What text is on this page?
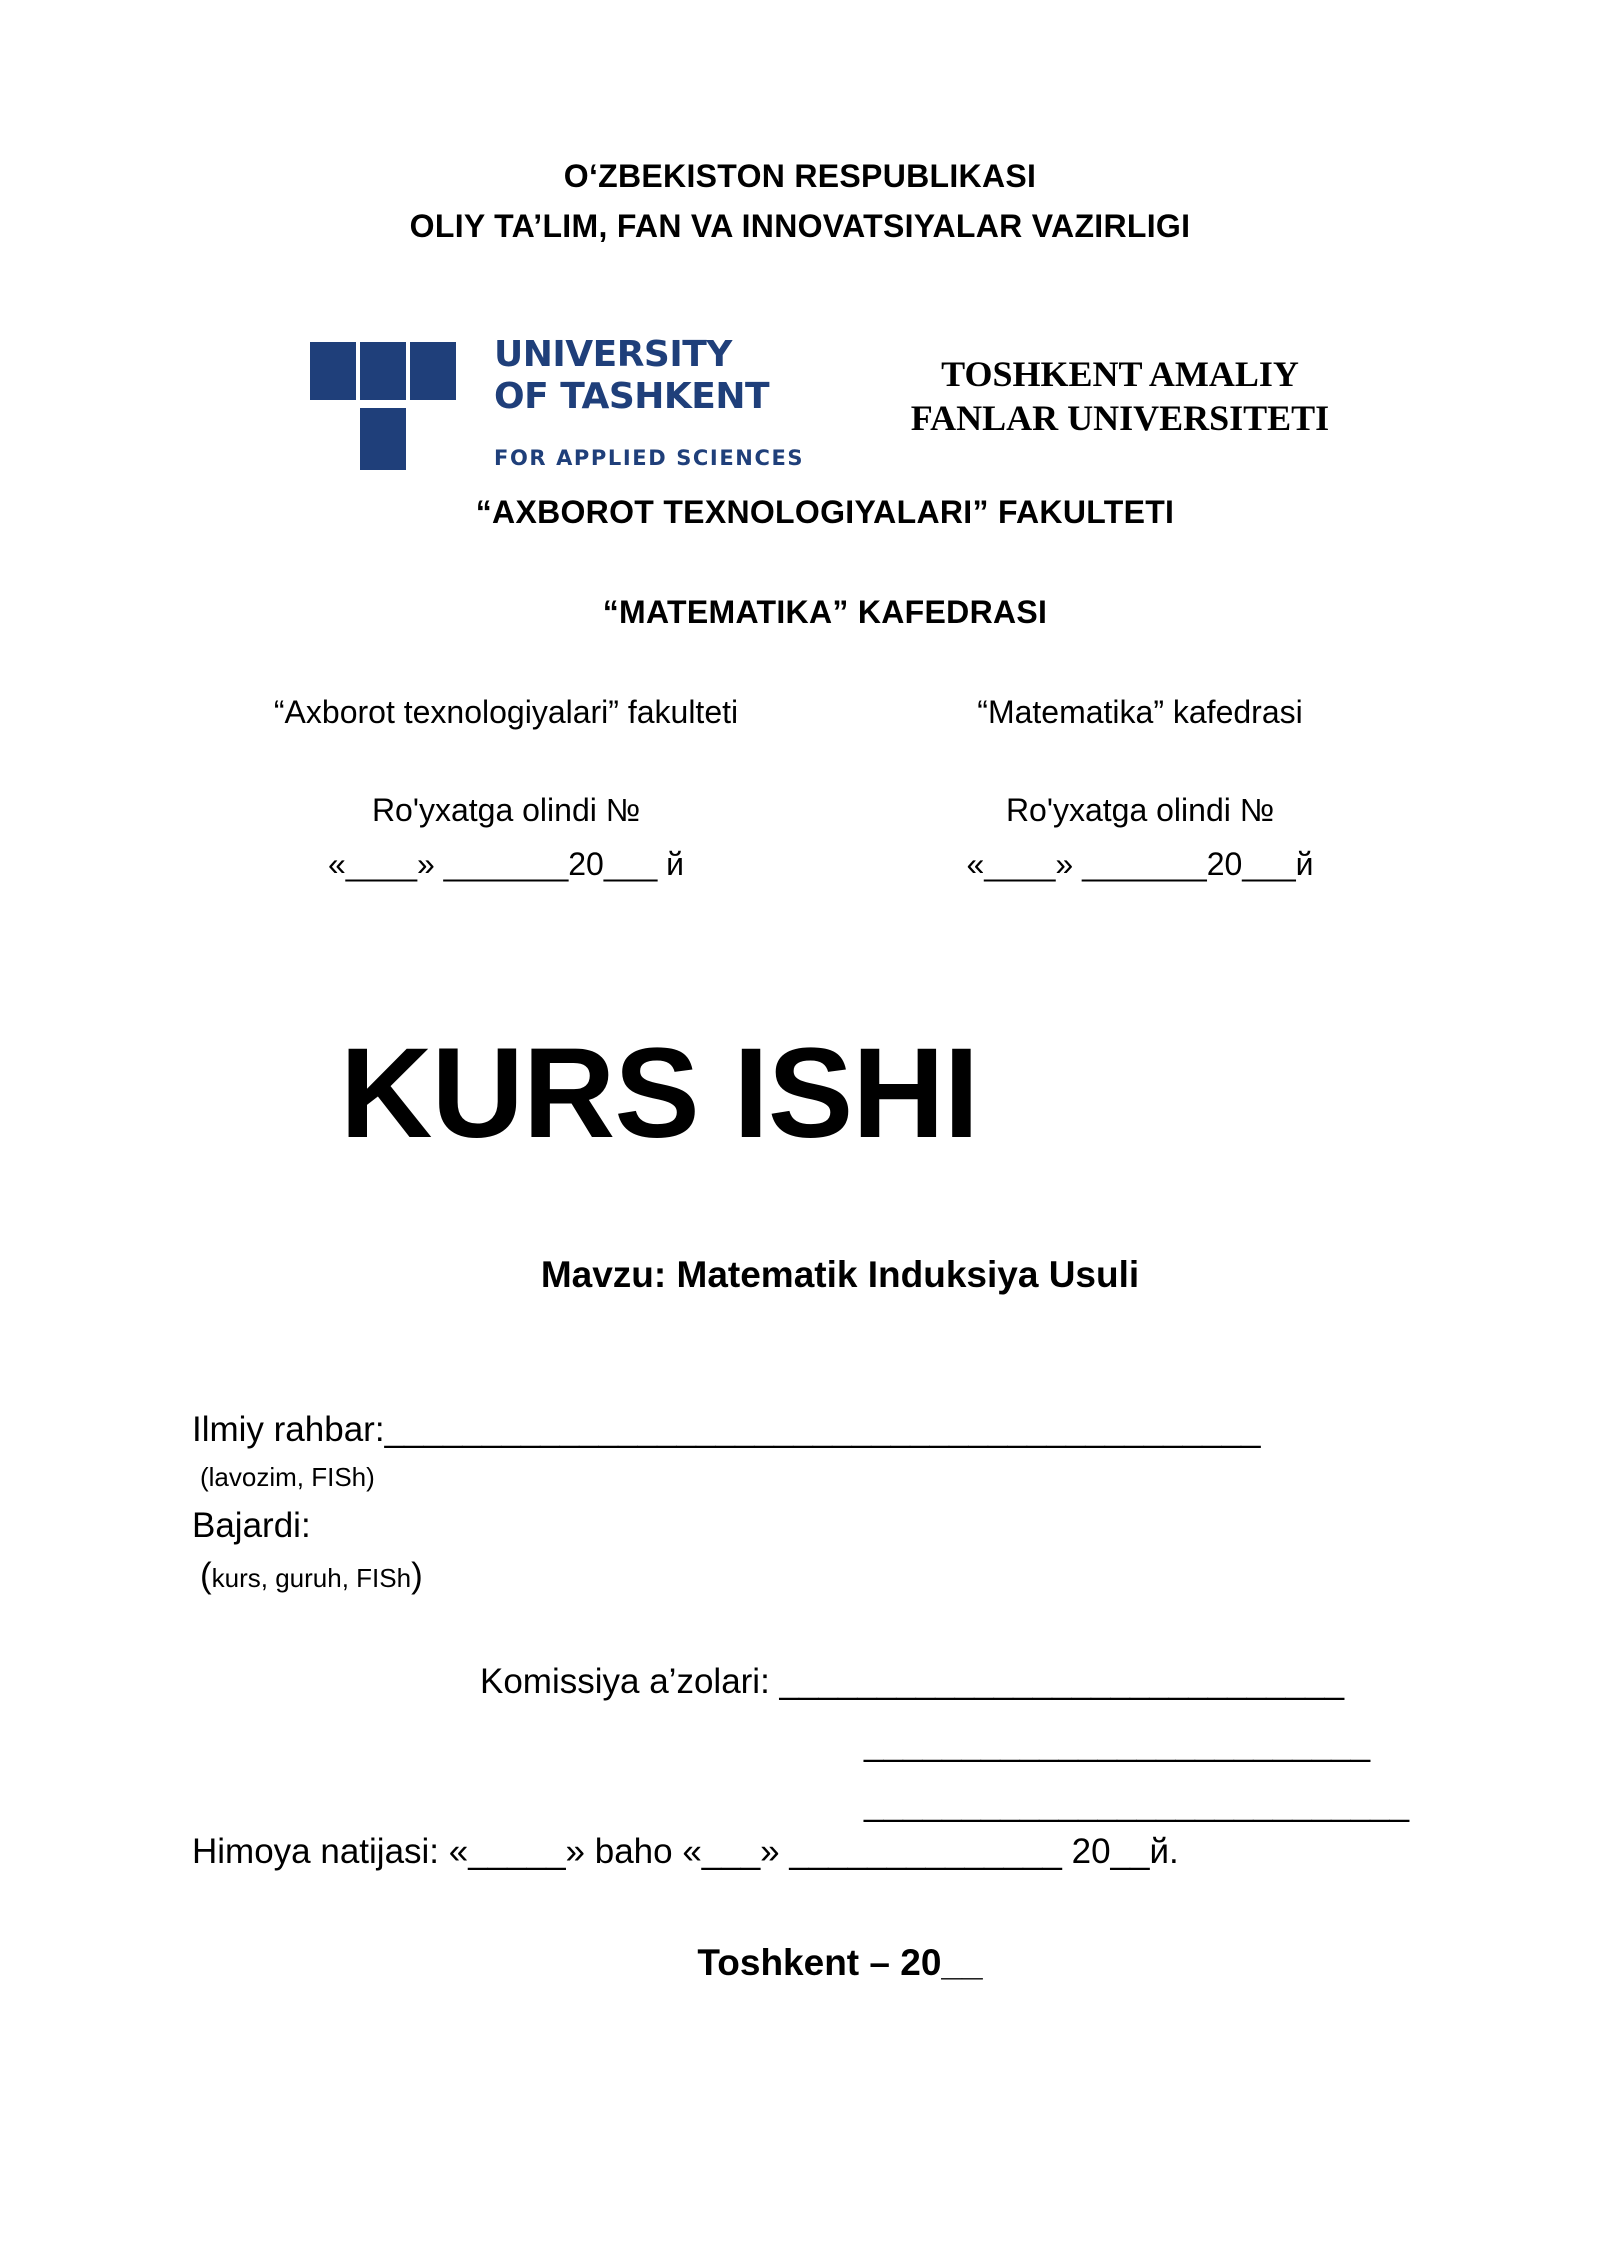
O‘ZBEKISTON RESPUBLIKASI
OLIY TA’LIM, FAN VA INNOVATSIYALAR VAZIRLIGI
UNIVERSITY
OF TASHKENT
FOR APPLIED SCIENCES
TOSHKENT AMALIY
FANLAR UNIVERSITETI
“AXBOROT TEXNOLOGIYALARI” FAKULTETI
“MATEMATIKA” KAFEDRASI
“Axborot texnologiyalari” fakulteti	“Matematika” kafedrasi
Ro'yxatga olindi №	Ro'yxatga olindi №
«____» _______20___ й	«____» _______20___й
KURS ISHI
Mavzu: Matematik Induksiya Usuli
Ilmiy rahbar:_____________________________________________
(lavozim, FISh)
Bajardi:
(kurs, guruh, FISh)
Komissiya a’zolari: _____________________________
__________________________
____________________________
Himoya natijasi: «_____» baho «___» ______________ 20__й.
Toshkent – 20__
